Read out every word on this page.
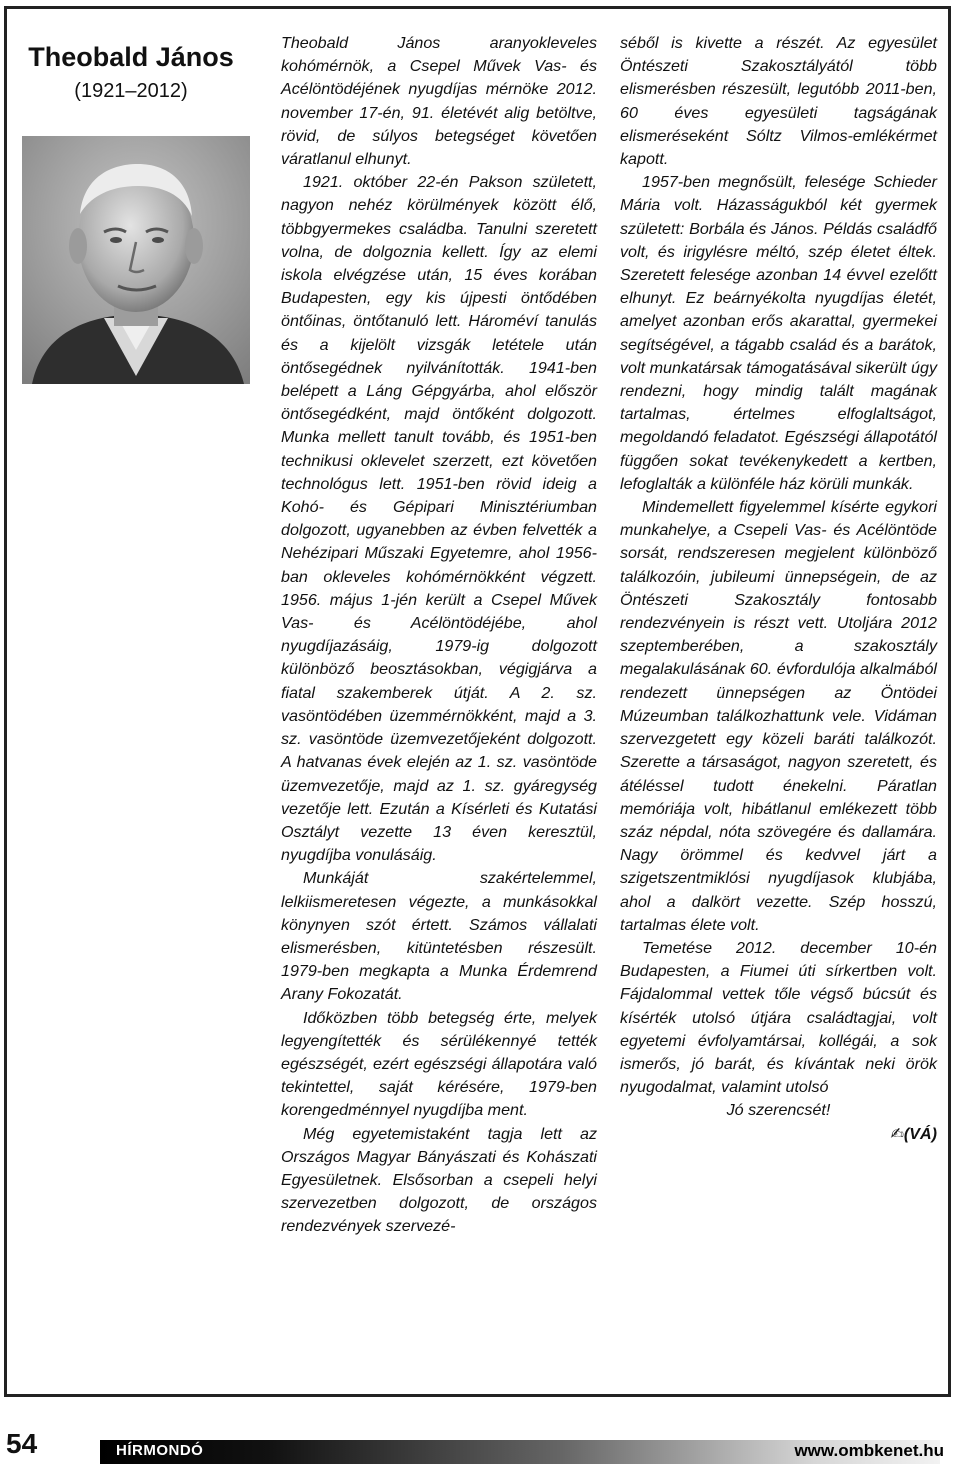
Theobald János

(1921–2012)

Theobald János aranyokleveles kohómérnök, a Csepel Művek Vas- és Acélöntödéjének nyugdíjas mérnöke 2012. november 17-én, 91. életévét alig betöltve, rövid, de súlyos betegséget követően váratlanul elhunyt.

1921. október 22-én Pakson született, nagyon nehéz körülmények között élő, többgyermekes családba. Tanulni szeretett volna, de dolgoznia kellett. Így az elemi iskola elvégzése után, 15 éves korában Budapesten, egy kis újpesti öntődében öntőinas, öntőtanuló lett. Hároméví tanulás és a kijelölt vizsgák letétele után öntősegédnek nyilvánították. 1941-ben belépett a Láng Gépgyárba, ahol először öntősegédként, majd öntőként dolgozott. Munka mellett tanult tovább, és 1951-ben technikusi oklevelet szerzett, ezt követően technológus lett. 1951-ben rövid ideig a Kohó- és Gépipari Minisztériumban dolgozott, ugyanebben az évben felvették a Nehézipari Műszaki Egyetemre, ahol 1956-ban okleveles kohómérnökként végzett. 1956. május 1-jén került a Csepel Művek Vas- és Acélöntödéjébe, ahol nyugdíjazásáig, 1979-ig dolgozott különböző beosztásokban, végigjárva a fiatal szakemberek útját. A 2. sz. vasöntödében üzemmérnökként, majd a 3. sz. vasöntöde üzemvezetőjeként dolgozott. A hatvanas évek elején az 1. sz. vasöntöde üzemvezetője, majd az 1. sz. gyáregység vezetője lett. Ezután a Kísérleti és Kutatási Osztályt vezette 13 éven keresztül, nyugdíjba vonulásáig.

Munkáját szakértelemmel, lelkiismeretesen végezte, a munkásokkal könynyen szót értett. Számos vállalati elismerésben, kitüntetésben részesült. 1979-ben megkapta a Munka Érdemrend Arany Fokozatát.

Időközben több betegség érte, melyek legyengítették és sérülékennyé tették egészségét, ezért egészségi állapotára való tekintettel, saját kérésére, 1979-ben korengedménnyel nyugdíjba ment.

Még egyetemistaként tagja lett az Országos Magyar Bányászati és Kohászati Egyesületnek. Elsősorban a csepeli helyi szervezetben dolgozott, de országos rendezvények szervezé-

séből is kivette a részét. Az egyesület Öntészeti Szakosztályától több elismerésben részesült, legutóbb 2011-ben, 60 éves egyesületi tagságának elismeréseként Sóltz Vilmos-emlékérmet kapott.

1957-ben megnősült, felesége Schieder Mária volt. Házasságukból két gyermek született: Borbála és János. Példás családfő volt, és irigylésre méltó, szép életet éltek. Szeretett felesége azonban 14 évvel ezelőtt elhunyt. Ez beárnyékolta nyugdíjas életét, amelyet azonban erős akarattal, gyermekei segítségével, a tágabb család és a barátok, volt munkatársak támogatásával sikerült úgy rendezni, hogy mindig talált magának tartalmas, értelmes elfoglaltságot, megoldandó feladatot. Egészségi állapotától függően sokat tevékenykedett a kertben, lefoglalták a különféle ház körüli munkák.

Mindemellett figyelemmel kísérte egykori munkahelye, a Csepeli Vas- és Acélöntöde sorsát, rendszeresen megjelent különböző találkozóin, jubileumi ünnepségein, de az Öntészeti Szakosztály fontosabb rendezvényein is részt vett. Utoljára 2012 szeptemberében, a szakosztály megalakulásának 60. évfordulója alkalmából rendezett ünnepségen az Öntödei Múzeumban találkozhattunk vele. Vidáman szervezgetett egy közeli baráti találkozót. Szerette a társaságot, nagyon szeretett, és átéléssel tudott énekelni. Páratlan memóriája volt, hibátlanul emlékezett több száz népdal, nóta szövegére és dallamára. Nagy örömmel és kedvvel járt a szigetszentmiklósi nyugdíjasok klubjába, ahol a dalkört vezette. Szép hosszú, tartalmas élete volt.

Temetése 2012. december 10-én Budapesten, a Fiumei úti sírkertben volt. Fájdalommal vettek tőle végső búcsút és kísérték utolsó útjára családtagjai, volt egyetemi évfolyamtársai, kollégái, a sok ismerős, jó barát, és kívántak neki örök nyugodalmat, valamint utolsó

Jó szerencsét!

✍(VÁ)

54	HÍRMONDÓ	www.ombkenet.hu
